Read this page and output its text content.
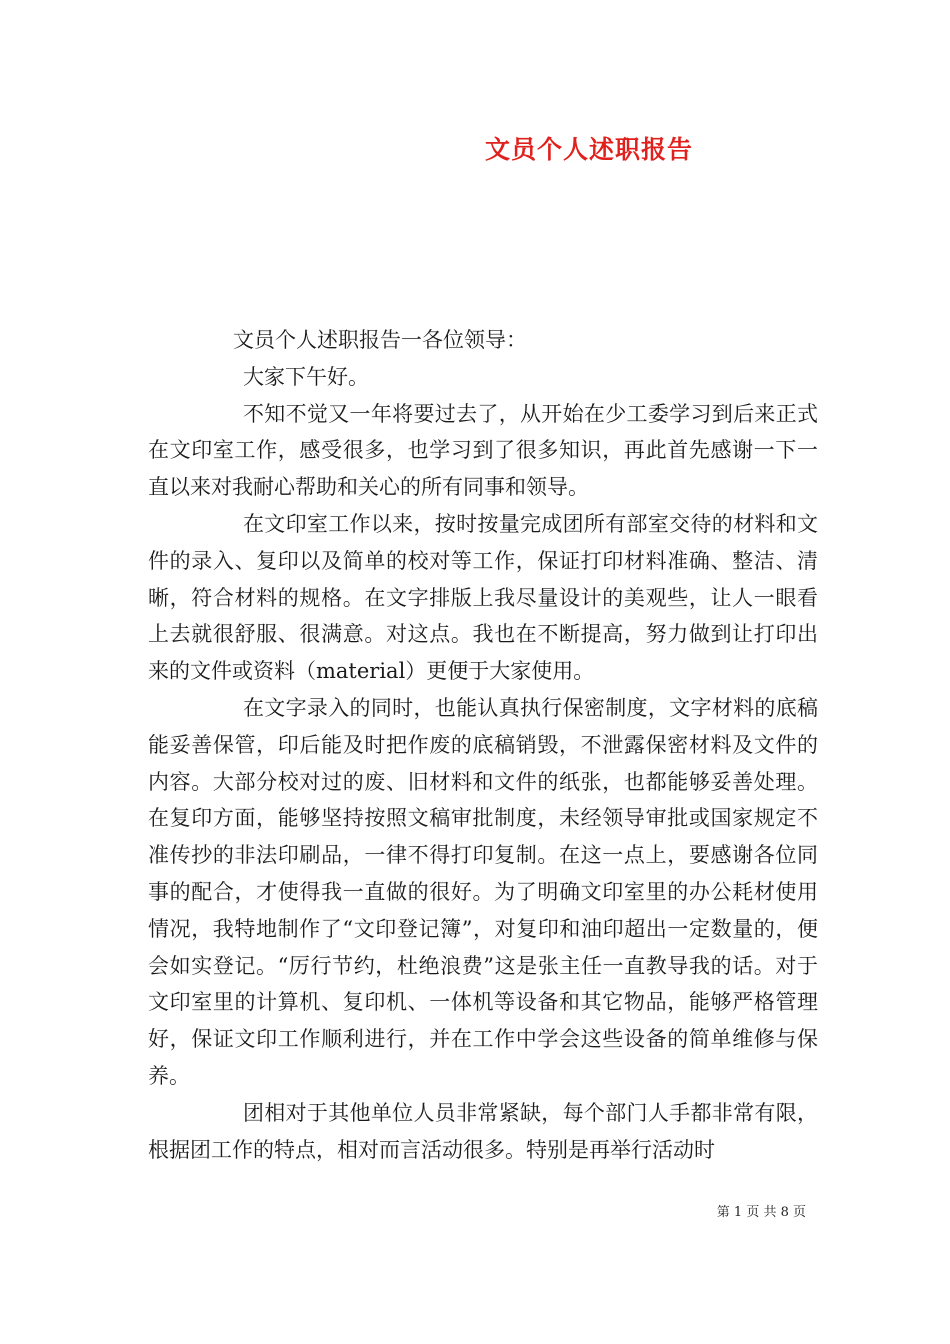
文员个人述职报告

文员个人述职报告一各位领导：

大家下午好。

不知不觉又一年将要过去了，从开始在少工委学习到后来正式在文印室工作，感受很多，也学习到了很多知识，再此首先感谢一下一直以来对我耐心帮助和关心的所有同事和领导。

在文印室工作以来，按时按量完成团所有部室交待的材料和文件的录入、复印以及简单的校对等工作，保证打印材料准确、整洁、清晰，符合材料的规格。在文字排版上我尽量设计的美观些，让人一眼看上去就很舒服、很满意。对这点。我也在不断提高，努力做到让打印出来的文件或资料（material）更便于大家使用。

在文字录入的同时，也能认真执行保密制度，文字材料的底稿能妥善保管，印后能及时把作废的底稿销毁，不泄露保密材料及文件的内容。大部分校对过的废、旧材料和文件的纸张，也都能够妥善处理。在复印方面，能够坚持按照文稿审批制度，未经领导审批或国家规定不准传抄的非法印刷品，一律不得打印复制。在这一点上，要感谢各位同事的配合，才使得我一直做的很好。为了明确文印室里的办公耗材使用情况，我特地制作了“文印登记簿”，对复印和油印超出一定数量的，便会如实登记。“厉行节约，杜绝浪费”这是张主任一直教导我的话。对于文印室里的计算机、复印机、一体机等设备和其它物品，能够严格管理好，保证文印工作顺利进行，并在工作中学会这些设备的简单维修与保养。

团相对于其他单位人员非常紧缺，每个部门人手都非常有限，根据团工作的特点，相对而言活动很多。特别是再举行活动时

第 1 页 共 8 页
